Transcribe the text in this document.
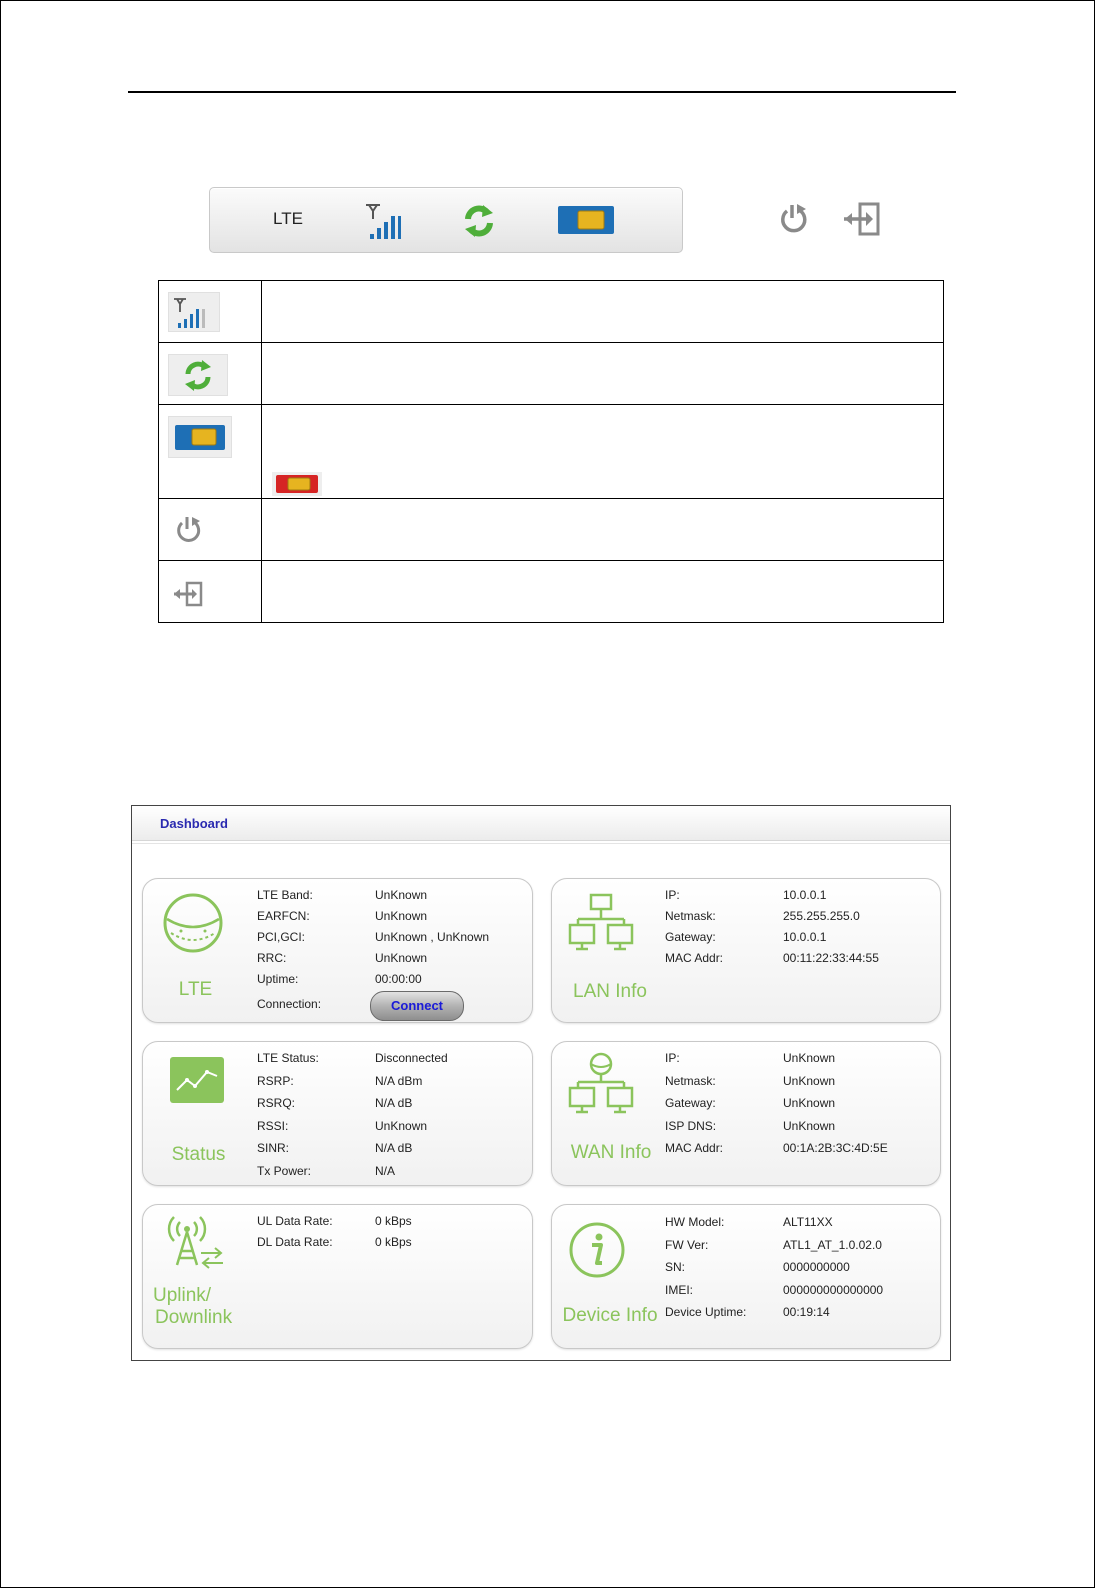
LTE

Dashboard
LTE
LTE Band:	UnKnown
EARFCN:	UnKnown
PCI,GCI:	UnKnown , UnKnown
RRC:	UnKnown
Uptime:	00:00:00
Connection:	Connect
LAN Info
IP:	10.0.0.1
Netmask:	255.255.255.0
Gateway:	10.0.0.1
MAC Addr:	00:11:22:33:44:55
Status
LTE Status:	Disconnected
RSRP:	N/A dBm
RSRQ:	N/A dB
RSSI:	UnKnown
SINR:	N/A dB
Tx Power:	N/A
WAN Info
IP:	UnKnown
Netmask:	UnKnown
Gateway:	UnKnown
ISP DNS:	UnKnown
MAC Addr:	00:1A:2B:3C:4D:5E
Uplink/
Downlink
UL Data Rate:	0 kBps
DL Data Rate:	0 kBps
Device Info
HW Model:	ALT11XX
FW Ver:	ATL1_AT_1.0.02.0
SN:	0000000000
IMEI:	000000000000000
Device Uptime:	00:19:14
